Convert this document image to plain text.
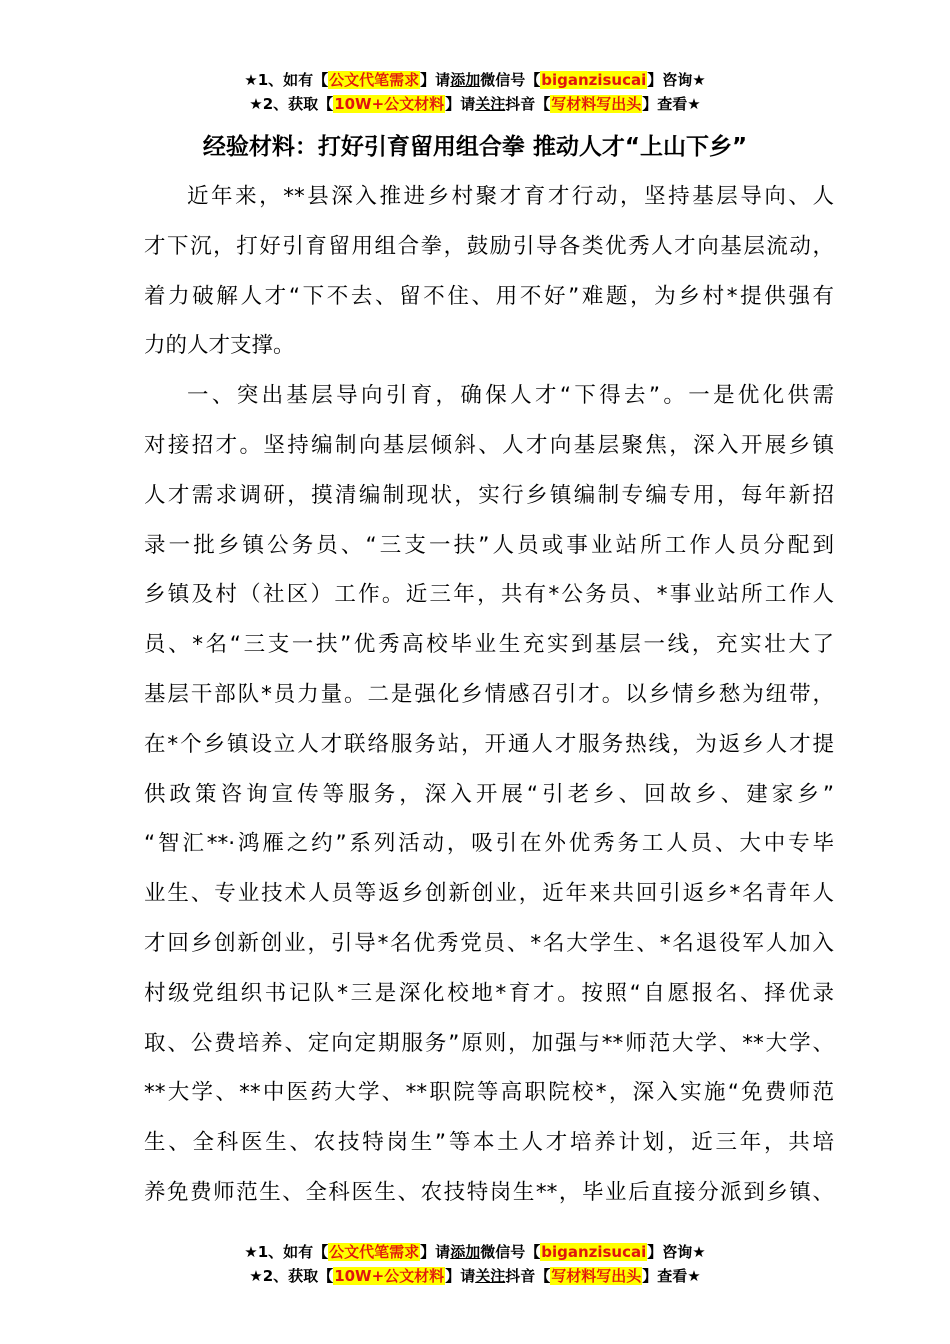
★1、如有【公文代笔需求】请添加微信号【biganzisucai】咨询★
★2、获取【10W+公文材料】请关注抖音【写材料写出头】查看★
经验材料：打好引育留用组合拳 推动人才“上山下乡”
近年来，**县深入推进乡村聚才育才行动，坚持基层导向、人
才下沉，打好引育留用组合拳，鼓励引导各类优秀人才向基层流动，
着力破解人才“下不去、留不住、用不好”难题，为乡村*提供强有
力的人才支撑。
一、突出基层导向引育，确保人才“下得去”。一是优化供需
对接招才。坚持编制向基层倾斜、人才向基层聚焦，深入开展乡镇
人才需求调研，摸清编制现状，实行乡镇编制专编专用，每年新招
录一批乡镇公务员、“三支一扶”人员或事业站所工作人员分配到
乡镇及村（社区）工作。近三年，共有*公务员、*事业站所工作人
员、*名“三支一扶”优秀高校毕业生充实到基层一线，充实壮大了
基层干部队*员力量。二是强化乡情感召引才。以乡情乡愁为纽带，
在*个乡镇设立人才联络服务站，开通人才服务热线，为返乡人才提
供政策咨询宣传等服务，深入开展“引老乡、回故乡、建家乡”
“智汇**·鸿雁之约”系列活动，吸引在外优秀务工人员、大中专毕
业生、专业技术人员等返乡创新创业，近年来共回引返乡*名青年人
才回乡创新创业，引导*名优秀党员、*名大学生、*名退役军人加入
村级党组织书记队*三是深化校地*育才。按照“自愿报名、择优录
取、公费培养、定向定期服务”原则，加强与**师范大学、**大学、
**大学、**中医药大学、**职院等高职院校*，深入实施“免费师范
生、全科医生、农技特岗生”等本土人才培养计划，近三年，共培
养免费师范生、全科医生、农技特岗生**，毕业后直接分派到乡镇、
★1、如有【公文代笔需求】请添加微信号【biganzisucai】咨询★
★2、获取【10W+公文材料】请关注抖音【写材料写出头】查看★
